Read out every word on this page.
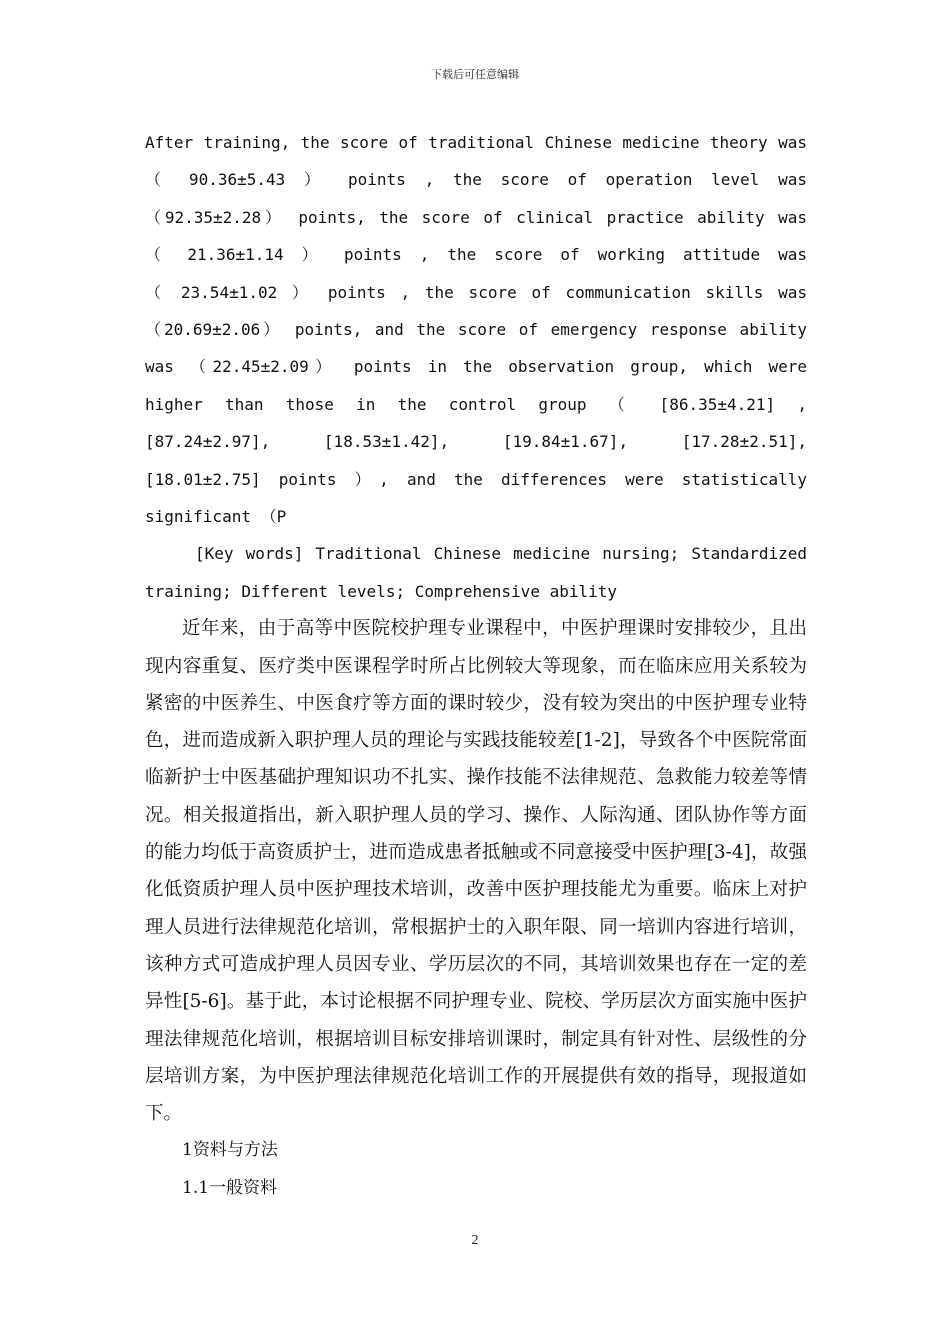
下载后可任意编辑
After training, the score of traditional Chinese medicine theory was
（ 90.36±5.43 ） points , the score of operation level was
（92.35±2.28） points, the score of clinical practice ability was
（ 21.36±1.14 ） points , the score of working attitude was
（ 23.54±1.02 ） points , the score of communication skills was
（20.69±2.06） points, and the score of emergency response ability
was （22.45±2.09） points in the observation group, which were
higher than those in the control group （ [86.35±4.21] ,
[87.24±2.97], [18.53±1.42], [19.84±1.67], [17.28±2.51],
[18.01±2.75] points ）, and the differences were statistically
significant （P
[Key words] Traditional Chinese medicine nursing; Standardized
training; Different levels; Comprehensive ability

近年来，由于高等中医院校护理专业课程中，中医护理课时安排较少，且出现内容重复、医疗类中医课程学时所占比例较大等现象，而在临床应用关系较为紧密的中医养生、中医食疗等方面的课时较少，没有较为突出的中医护理专业特色，进而造成新入职护理人员的理论与实践技能较差[1-2]，导致各个中医院常面临新护士中医基础护理知识功不扎实、操作技能不法律规范、急救能力较差等情况。相关报道指出，新入职护理人员的学习、操作、人际沟通、团队协作等方面的能力均低于高资质护士，进而造成患者抵触或不同意接受中医护理[3-4]，故强化低资质护理人员中医护理技术培训，改善中医护理技能尤为重要。临床上对护理人员进行法律规范化培训，常根据护士的入职年限、同一培训内容进行培训，该种方式可造成护理人员因专业、学历层次的不同，其培训效果也存在一定的差异性[5-6]。基于此，本讨论根据不同护理专业、院校、学历层次方面实施中医护理法律规范化培训，根据培训目标安排培训课时，制定具有针对性、层级性的分层培训方案，为中医护理法律规范化培训工作的开展提供有效的指导，现报道如下。

1资料与方法

1.1一般资料

2
